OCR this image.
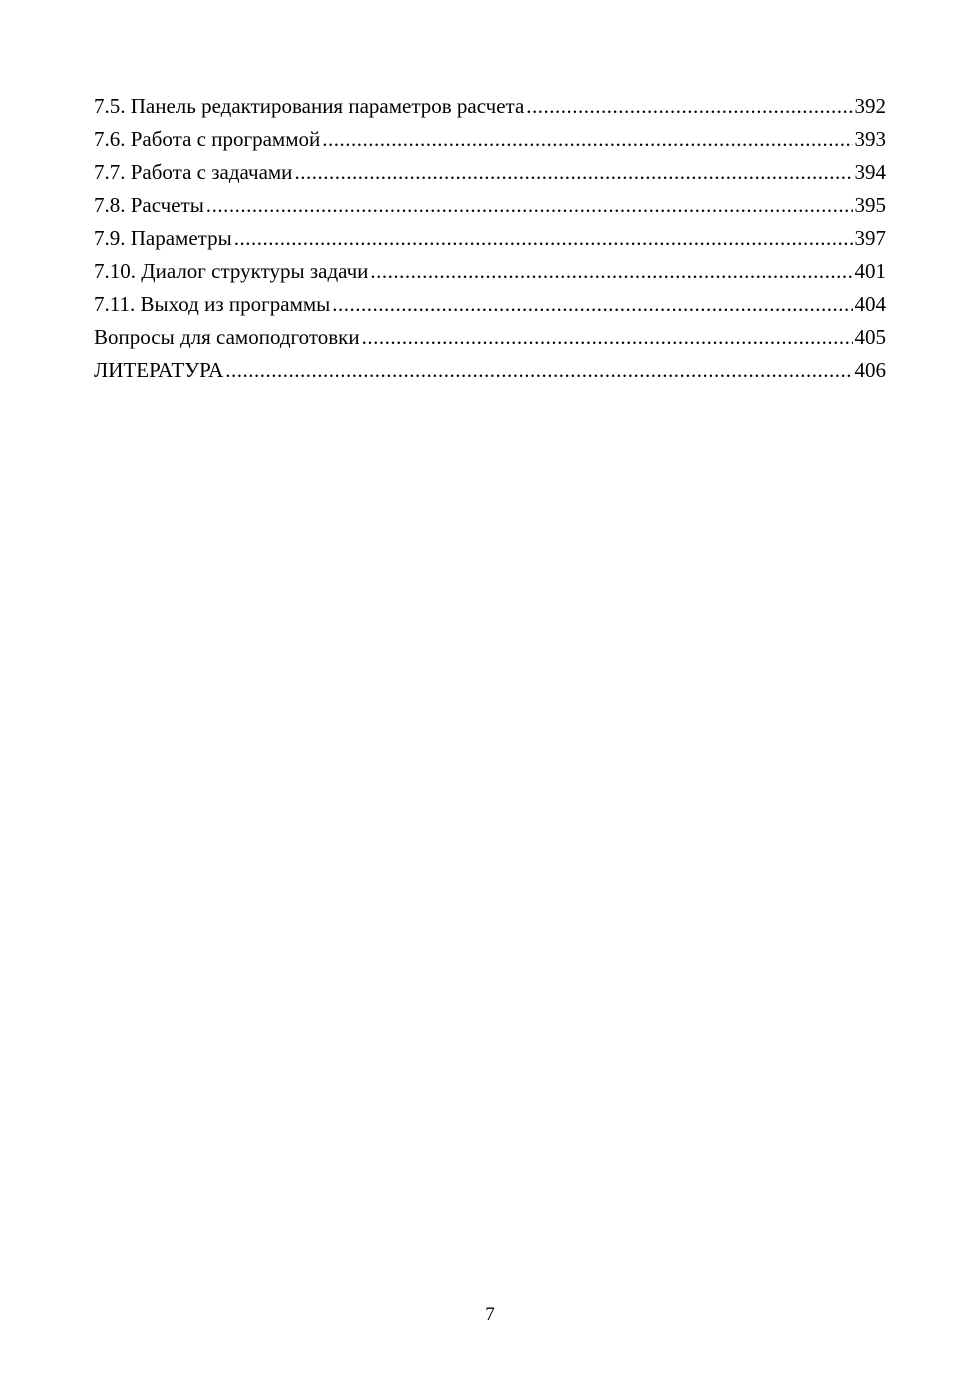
7.5. Панель редактирования параметров расчета .....	392
7.6. Работа с программой .....	393
7.7. Работа с задачами .....	394
7.8. Расчеты .....	395
7.9. Параметры .....	397
7.10. Диалог структуры задачи .....	401
7.11. Выход из программы .....	404
Вопросы для самоподготовки .....	405
ЛИТЕРАТУРА .....	406
7
